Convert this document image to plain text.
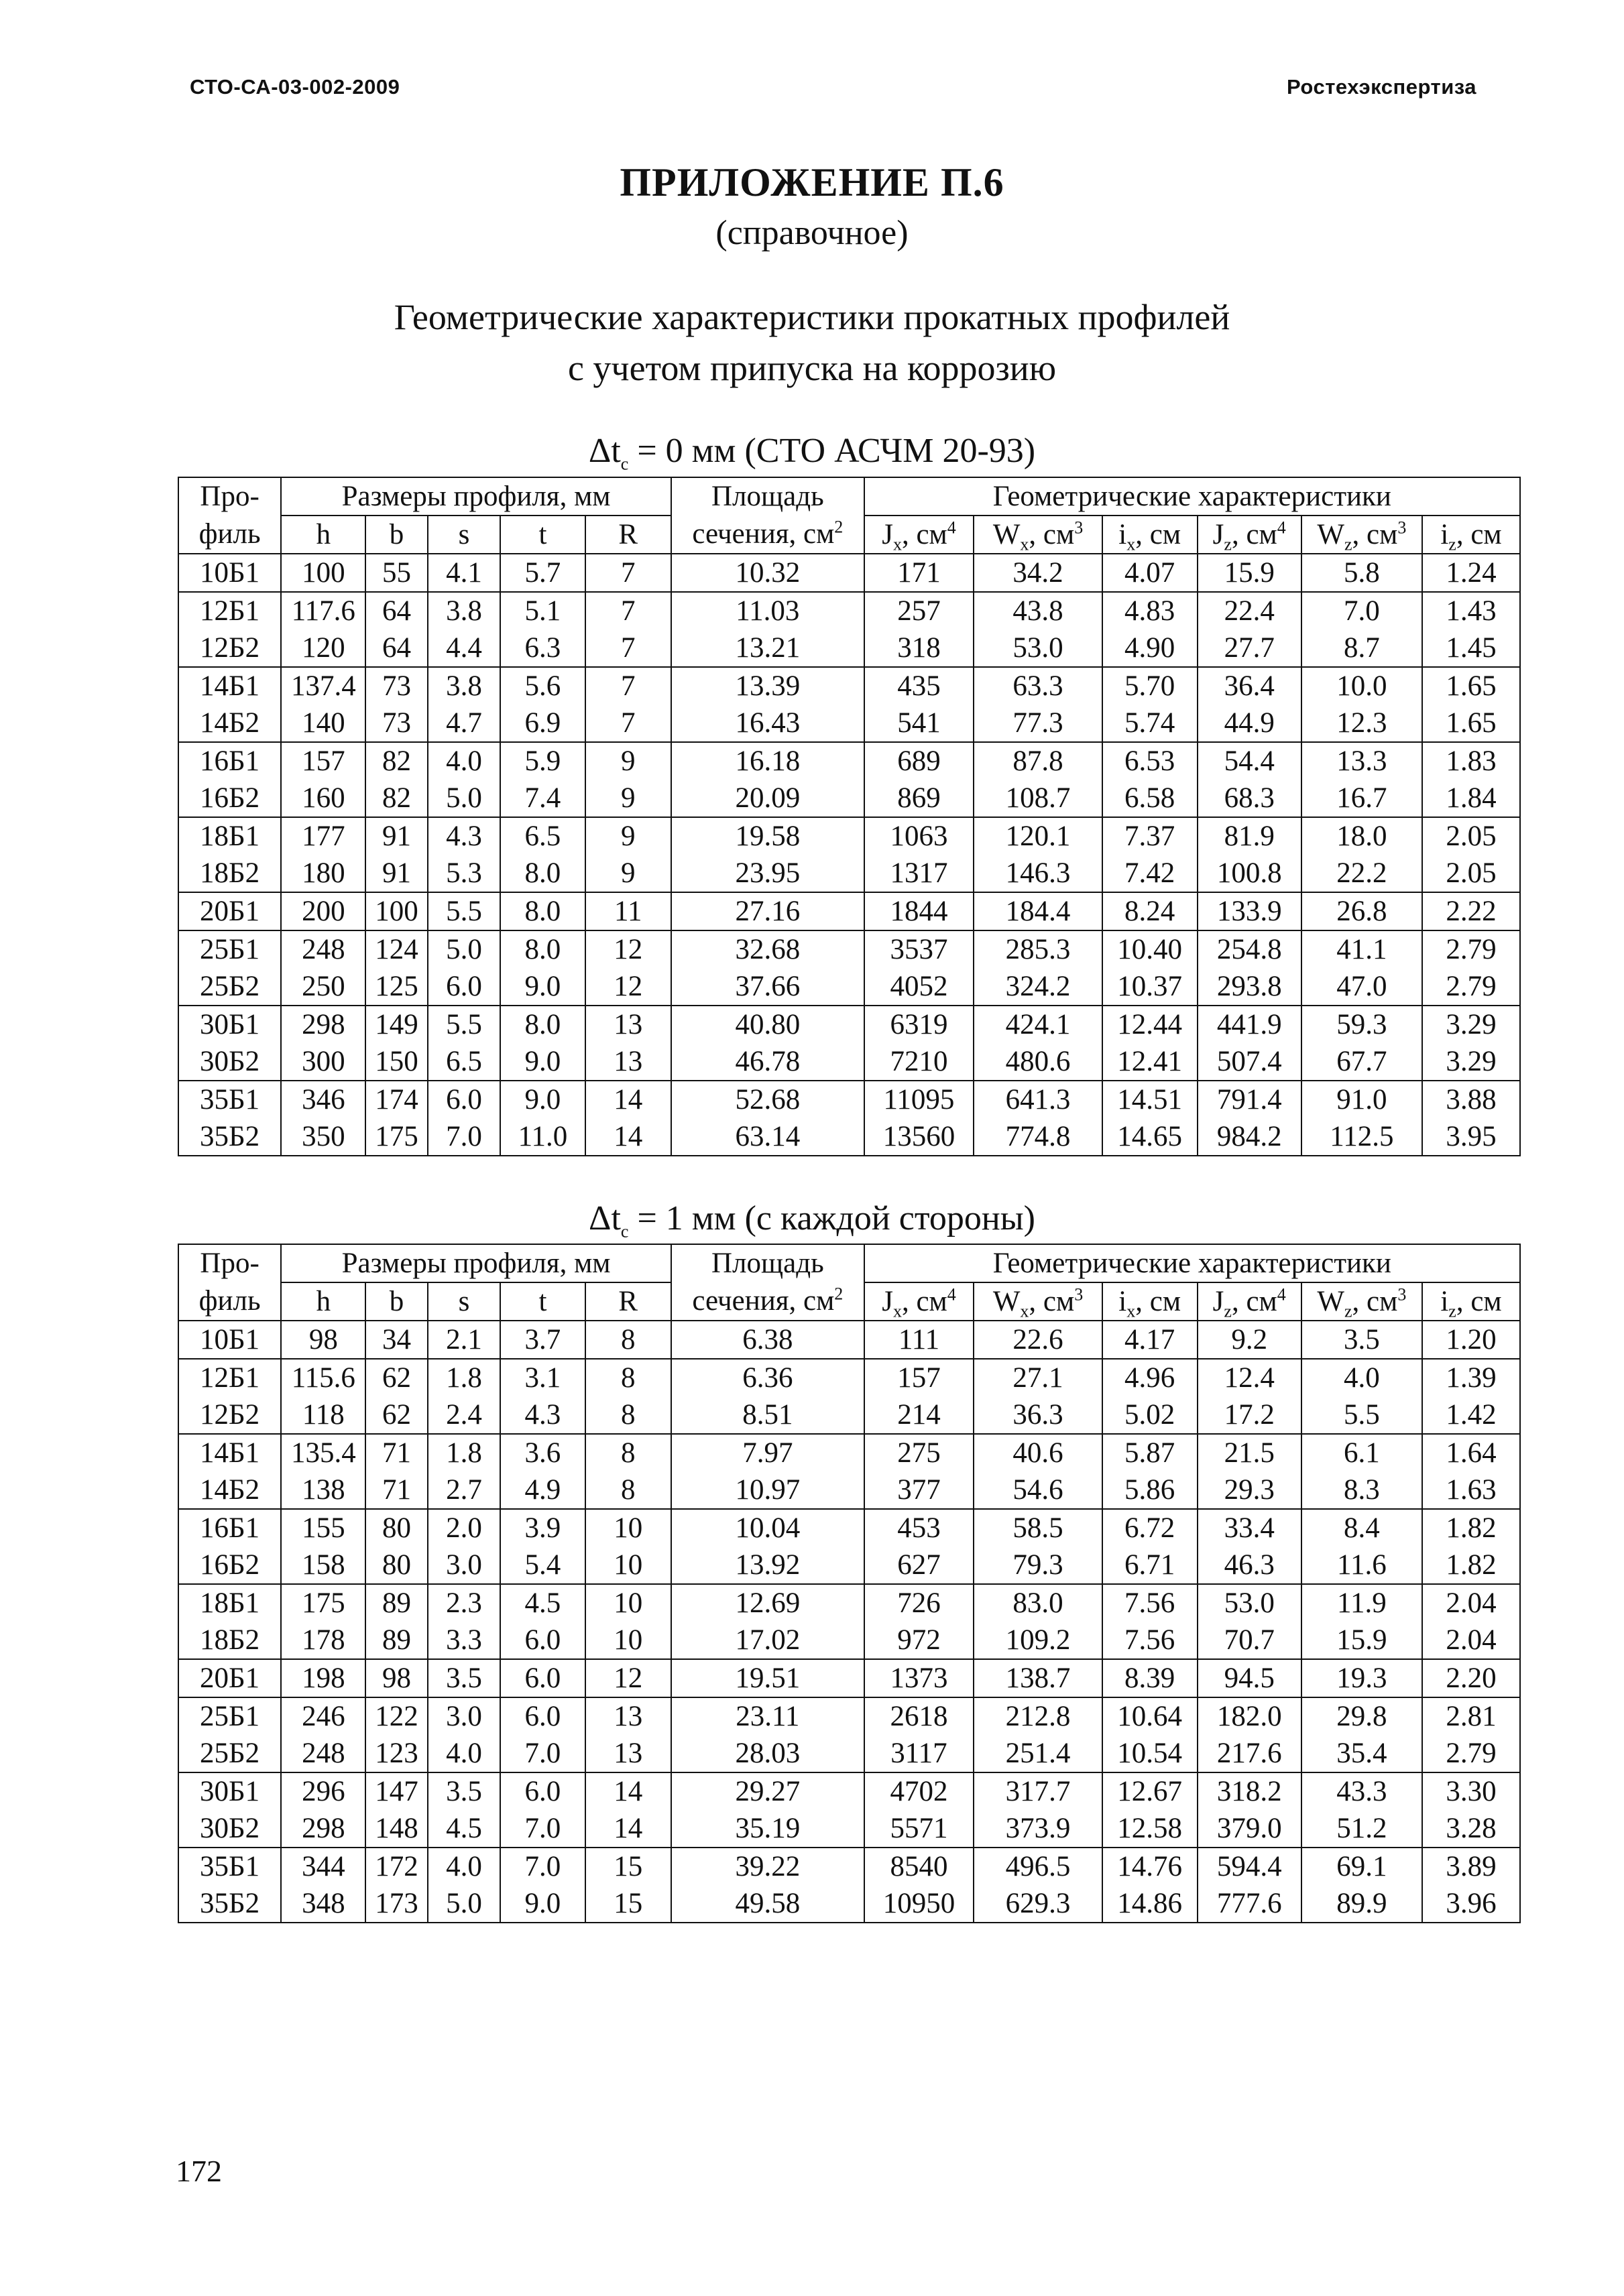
СТО-СА-03-002-2009	Ростехэкспертиза
ПРИЛОЖЕНИЕ П.6
(справочное)
Геометрические характеристики прокатных профилей
с учетом припуска на коррозию
$\Delta t_c = 0$ мм (СТО АСЧМ 20-93)
Про-	Размеры профиля, мм					Площадь	Геометрические характеристики					
филь	h	b	s	t	R	сечения, $см^2$	$J_x$, $см^4$	$W_x$, $см^3$	$i_x$, см	$J_z$, $см^4$	$W_z$, $см^3$	$i_z$, см
10Б1	100	55	4.1	5.7	7	10.32	171	34.2	4.07	15.9	5.8	1.24
12Б1	117.6	64	3.8	5.1	7	11.03	257	43.8	4.83	22.4	7.0	1.43
12Б2	120	64	4.4	6.3	7	13.21	318	53.0	4.90	27.7	8.7	1.45
14Б1	137.4	73	3.8	5.6	7	13.39	435	63.3	5.70	36.4	10.0	1.65
14Б2	140	73	4.7	6.9	7	16.43	541	77.3	5.74	44.9	12.3	1.65
16Б1	157	82	4.0	5.9	9	16.18	689	87.8	6.53	54.4	13.3	1.83
16Б2	160	82	5.0	7.4	9	20.09	869	108.7	6.58	68.3	16.7	1.84
18Б1	177	91	4.3	6.5	9	19.58	1063	120.1	7.37	81.9	18.0	2.05
18Б2	180	91	5.3	8.0	9	23.95	1317	146.3	7.42	100.8	22.2	2.05
20Б1	200	100	5.5	8.0	11	27.16	1844	184.4	8.24	133.9	26.8	2.22
25Б1	248	124	5.0	8.0	12	32.68	3537	285.3	10.40	254.8	41.1	2.79
25Б2	250	125	6.0	9.0	12	37.66	4052	324.2	10.37	293.8	47.0	2.79
30Б1	298	149	5.5	8.0	13	40.80	6319	424.1	12.44	441.9	59.3	3.29
30Б2	300	150	6.5	9.0	13	46.78	7210	480.6	12.41	507.4	67.7	3.29
35Б1	346	174	6.0	9.0	14	52.68	11095	641.3	14.51	791.4	91.0	3.88
35Б2	350	175	7.0	11.0	14	63.14	13560	774.8	14.65	984.2	112.5	3.95
$\Delta t_c = 1$ мм (с каждой стороны)
Про-	Размеры профиля, мм					Площадь	Геометрические характеристики					
филь	h	b	s	t	R	сечения, $см^2$	$J_x$, $см^4$	$W_x$, $см^3$	$i_x$, см	$J_z$, $см^4$	$W_z$, $см^3$	$i_z$, см
10Б1	98	34	2.1	3.7	8	6.38	111	22.6	4.17	9.2	3.5	1.20
12Б1	115.6	62	1.8	3.1	8	6.36	157	27.1	4.96	12.4	4.0	1.39
12Б2	118	62	2.4	4.3	8	8.51	214	36.3	5.02	17.2	5.5	1.42
14Б1	135.4	71	1.8	3.6	8	7.97	275	40.6	5.87	21.5	6.1	1.64
14Б2	138	71	2.7	4.9	8	10.97	377	54.6	5.86	29.3	8.3	1.63
16Б1	155	80	2.0	3.9	10	10.04	453	58.5	6.72	33.4	8.4	1.82
16Б2	158	80	3.0	5.4	10	13.92	627	79.3	6.71	46.3	11.6	1.82
18Б1	175	89	2.3	4.5	10	12.69	726	83.0	7.56	53.0	11.9	2.04
18Б2	178	89	3.3	6.0	10	17.02	972	109.2	7.56	70.7	15.9	2.04
20Б1	198	98	3.5	6.0	12	19.51	1373	138.7	8.39	94.5	19.3	2.20
25Б1	246	122	3.0	6.0	13	23.11	2618	212.8	10.64	182.0	29.8	2.81
25Б2	248	123	4.0	7.0	13	28.03	3117	251.4	10.54	217.6	35.4	2.79
30Б1	296	147	3.5	6.0	14	29.27	4702	317.7	12.67	318.2	43.3	3.30
30Б2	298	148	4.5	7.0	14	35.19	5571	373.9	12.58	379.0	51.2	3.28
35Б1	344	172	4.0	7.0	15	39.22	8540	496.5	14.76	594.4	69.1	3.89
35Б2	348	173	5.0	9.0	15	49.58	10950	629.3	14.86	777.6	89.9	3.96
172
